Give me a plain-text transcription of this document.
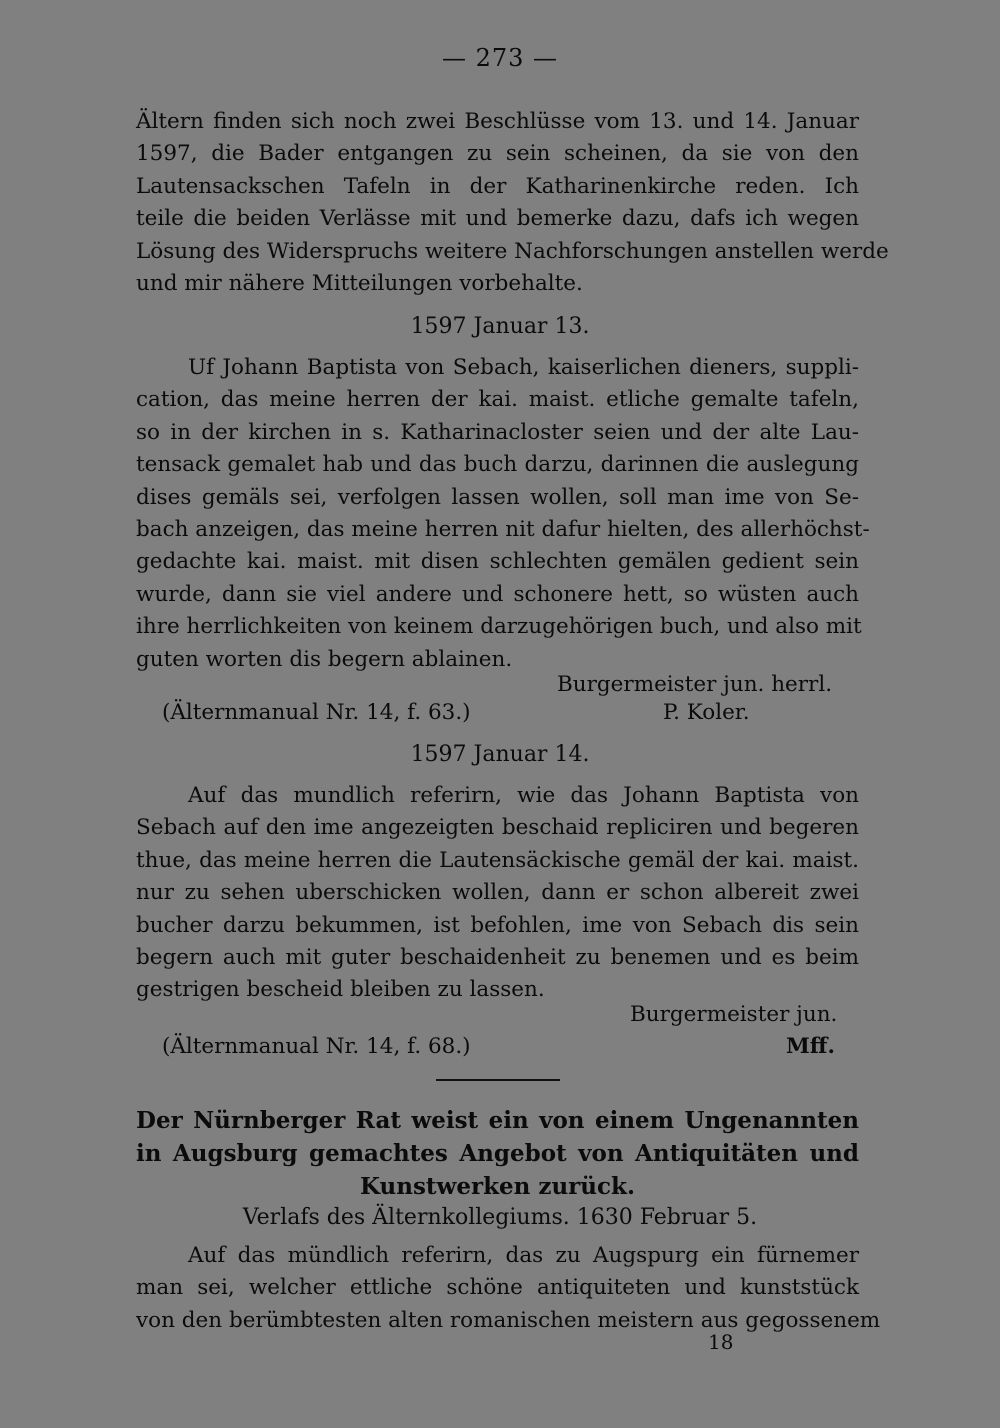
— 273 —
Ältern finden sich noch zwei Beschlüsse vom 13. und 14. Januar
1597, die Bader entgangen zu sein scheinen, da sie von den
Lautensackschen Tafeln in der Katharinenkirche reden. Ich
teile die beiden Verlässe mit und bemerke dazu, dafs ich wegen
Lösung des Widerspruchs weitere Nachforschungen anstellen werde
und mir nähere Mitteilungen vorbehalte.
1597 Januar 13.
Uf Johann Baptista von Sebach, kaiserlichen dieners, suppli-
cation, das meine herren der kai. maist. etliche gemalte tafeln,
so in der kirchen in s. Katharinacloster seien und der alte Lau-
tensack gemalet hab und das buch darzu, darinnen die auslegung
dises gemäls sei, verfolgen lassen wollen, soll man ime von Se-
bach anzeigen, das meine herren nit dafur hielten, des allerhöchst-
gedachte kai. maist. mit disen schlechten gemälen gedient sein
wurde, dann sie viel andere und schonere hett, so wüsten auch
ihre herrlichkeiten von keinem darzugehörigen buch, und also mit
guten worten dis begern ablainen.
Burgermeister jun. herrl.
(Älternmanual Nr. 14, f. 63.)	P. Koler.
1597 Januar 14.
Auf das mundlich referirn, wie das Johann Baptista von
Sebach auf den ime angezeigten beschaid repliciren und begeren
thue, das meine herren die Lautensäckische gemäl der kai. maist.
nur zu sehen uberschicken wollen, dann er schon albereit zwei
bucher darzu bekummen, ist befohlen, ime von Sebach dis sein
begern auch mit guter beschaidenheit zu benemen und es beim
gestrigen bescheid bleiben zu lassen.
Burgermeister jun.
(Älternmanual Nr. 14, f. 68.)	Mff.
Der Nürnberger Rat weist ein von einem Ungenannten
in Augsburg gemachtes Angebot von Antiquitäten und
Kunstwerken zurück.
Verlafs des Älternkollegiums. 1630 Februar 5.
Auf das mündlich referirn, das zu Augspurg ein fürnemer
man sei, welcher ettliche schöne antiquiteten und kunststück
von den berümbtesten alten romanischen meistern aus gegossenem
18
